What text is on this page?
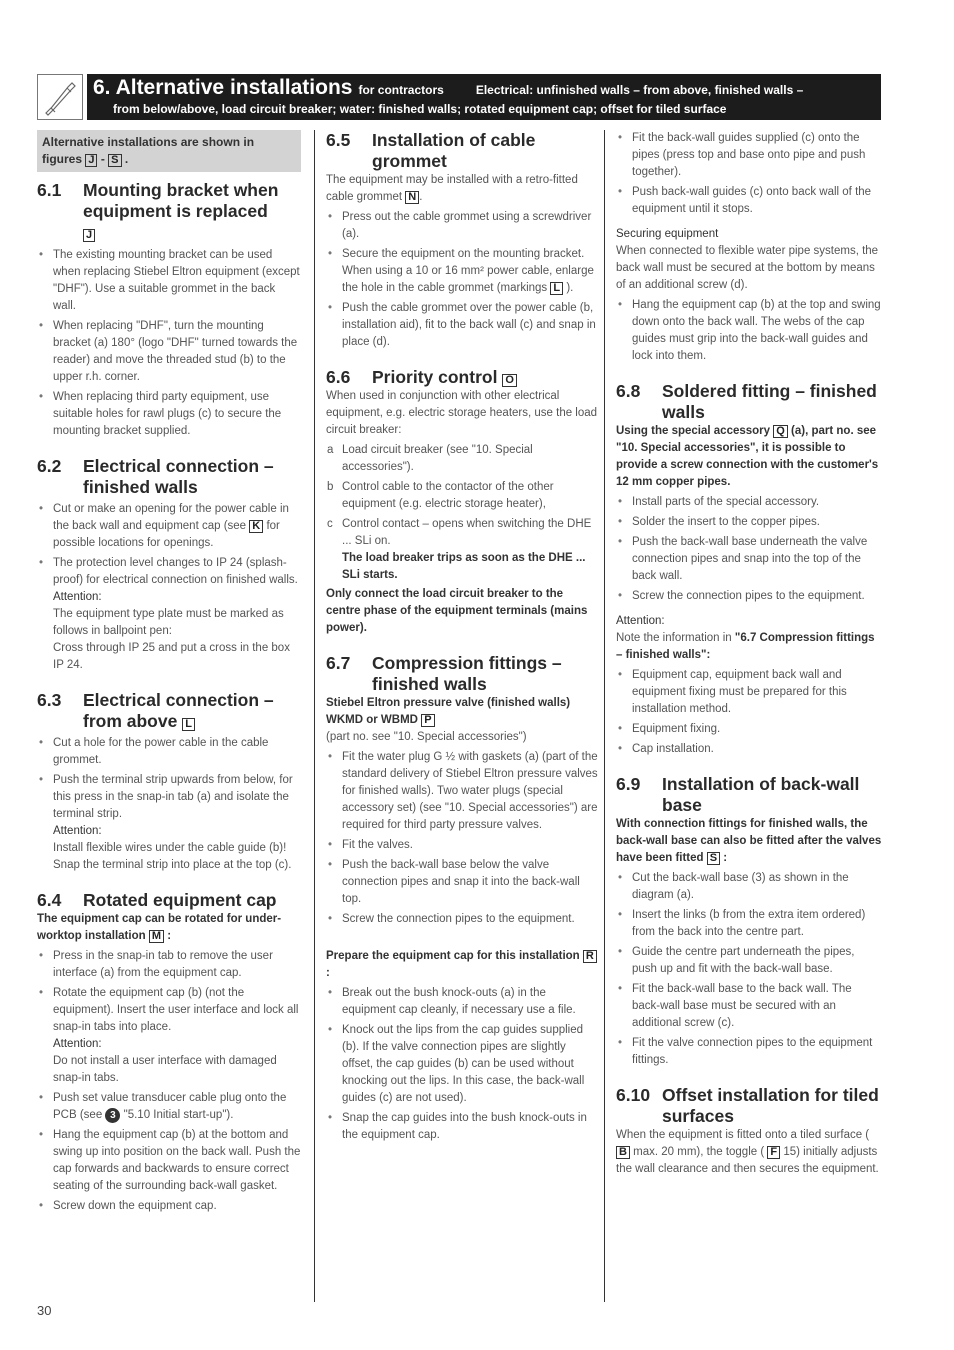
6. Alternative installations for contractors	Electrical: unfinished walls – from above, finished walls –
from below/above, load circuit breaker; water: finished walls; rotated equipment cap; offset for tiled surface
Alternative installations are shown in figures J - S .
6.1	Mounting bracket when equipment is replaced
J
• The existing mounting bracket can be used when replacing Stiebel Eltron equipment (except "DHF"). Use a suitable grommet in the back wall.
• When replacing "DHF", turn the mounting bracket (a) 180° (logo "DHF" turned towards the reader) and move the threaded stud (b) to the upper r.h. corner.
• When replacing third party equipment, use suitable holes for rawl plugs (c) to secure the mounting bracket supplied.
6.2	Electrical connection – finished walls
• Cut or make an opening for the power cable in the back wall and equipment cap (see K for possible locations for openings.
• The protection level changes to IP 24 (splash-proof) for electrical connection on finished walls.
Attention:
The equipment type plate must be marked as follows in ballpoint pen:
Cross through IP 25 and put a cross in the box IP 24.
6.3	Electrical connection – from above L
• Cut a hole for the power cable in the cable grommet.
• Push the terminal strip upwards from below, for this press in the snap-in tab (a) and isolate the terminal strip.
Attention:
Install flexible wires under the cable guide (b)!
Snap the terminal strip into place at the top (c).
6.4	Rotated equipment cap
The equipment cap can be rotated for under-worktop installation M :
• Press in the snap-in tab to remove the user interface (a) from the equipment cap.
• Rotate the equipment cap (b) (not the equipment). Insert the user interface and lock all snap-in tabs into place.
Attention:
Do not install a user interface with damaged snap-in tabs.
• Push set value transducer cable plug onto the PCB (see 3 "5.10 Initial start-up").
• Hang the equipment cap (b) at the bottom and swing up into position on the back wall. Push the cap forwards and backwards to ensure correct seating of the surrounding back-wall gasket.
• Screw down the equipment cap.
6.5	Installation of cable grommet
The equipment may be installed with a retro-fitted cable grommet N .
• Press out the cable grommet using a screwdriver (a).
• Secure the equipment on the mounting bracket.
When using a 10 or 16 mm² power cable, enlarge the hole in the cable grommet (markings L ).
• Push the cable grommet over the power cable (b, installation aid), fit to the back wall (c) and snap in place (d).
6.6	Priority control O
When used in conjunction with other electrical equipment, e.g. electric storage heaters, use the load circuit breaker:
a Load circuit breaker (see "10. Special accessories").
b Control cable to the contactor of the other equipment (e.g. electric storage heater),
c Control contact – opens when switching the DHE ... SLi on.
The load breaker trips as soon as the DHE ... SLi starts.
Only connect the load circuit breaker to the centre phase of the equipment terminals (mains power).
6.7	Compression fittings – finished walls
Stiebel Eltron pressure valve (finished walls)
WKMD or WBMD P
(part no. see "10. Special accessories")
• Fit the water plug G ½ with gaskets (a) (part of the standard delivery of Stiebel Eltron pressure valves for finished walls). Two water plugs (special accessory set) (see "10. Special accessories") are required for third party pressure valves.
• Fit the valves.
• Push the back-wall base below the valve connection pipes and snap it into the back-wall top.
• Screw the connection pipes to the equipment.
Prepare the equipment cap for this installation R :
• Break out the bush knock-outs (a) in the equipment cap cleanly, if necessary use a file.
• Knock out the lips from the cap guides supplied (b). If the valve connection pipes are slightly offset, the cap guides (b) can be used without knocking out the lips. In this case, the back-wall guides (c) are not used).
• Snap the cap guides into the bush knock-outs in the equipment cap.
• Fit the back-wall guides supplied (c) onto the pipes (press top and base onto pipe and push together).
• Push back-wall guides (c) onto back wall of the equipment until it stops.
Securing equipment
When connected to flexible water pipe systems, the back wall must be secured at the bottom by means of an additional screw (d).
• Hang the equipment cap (b) at the top and swing down onto the back wall. The webs of the cap guides must grip into the back-wall guides and lock into them.
6.8	Soldered fitting – finished walls
Using the special accessory Q (a), part no. see "10. Special accessories", it is possible to provide a screw connection with the customer's 12 mm copper pipes.
• Install parts of the special accessory.
• Solder the insert to the copper pipes.
• Push the back-wall base underneath the valve connection pipes and snap into the top of the back wall.
• Screw the connection pipes to the equipment.
Attention:
Note the information in "6.7 Compression fittings – finished walls":
• Equipment cap, equipment back wall and equipment fixing must be prepared for this installation method.
• Equipment fixing.
• Cap installation.
6.9	Installation of back-wall base
With connection fittings for finished walls, the back-wall base can also be fitted after the valves have been fitted S :
• Cut the back-wall base (3) as shown in the diagram (a).
• Insert the links (b from the extra item ordered) from the back into the centre part.
• Guide the centre part underneath the pipes, push up and fit with the back-wall base.
• Fit the back-wall base to the back wall. The back-wall base must be secured with an additional screw (c).
• Fit the valve connection pipes to the equipment fittings.
6.10 Offset installation for tiled surfaces
When the equipment is fitted onto a tiled surface ( B max. 20 mm), the toggle ( F 15) initially adjusts the wall clearance and then secures the equipment.
30
